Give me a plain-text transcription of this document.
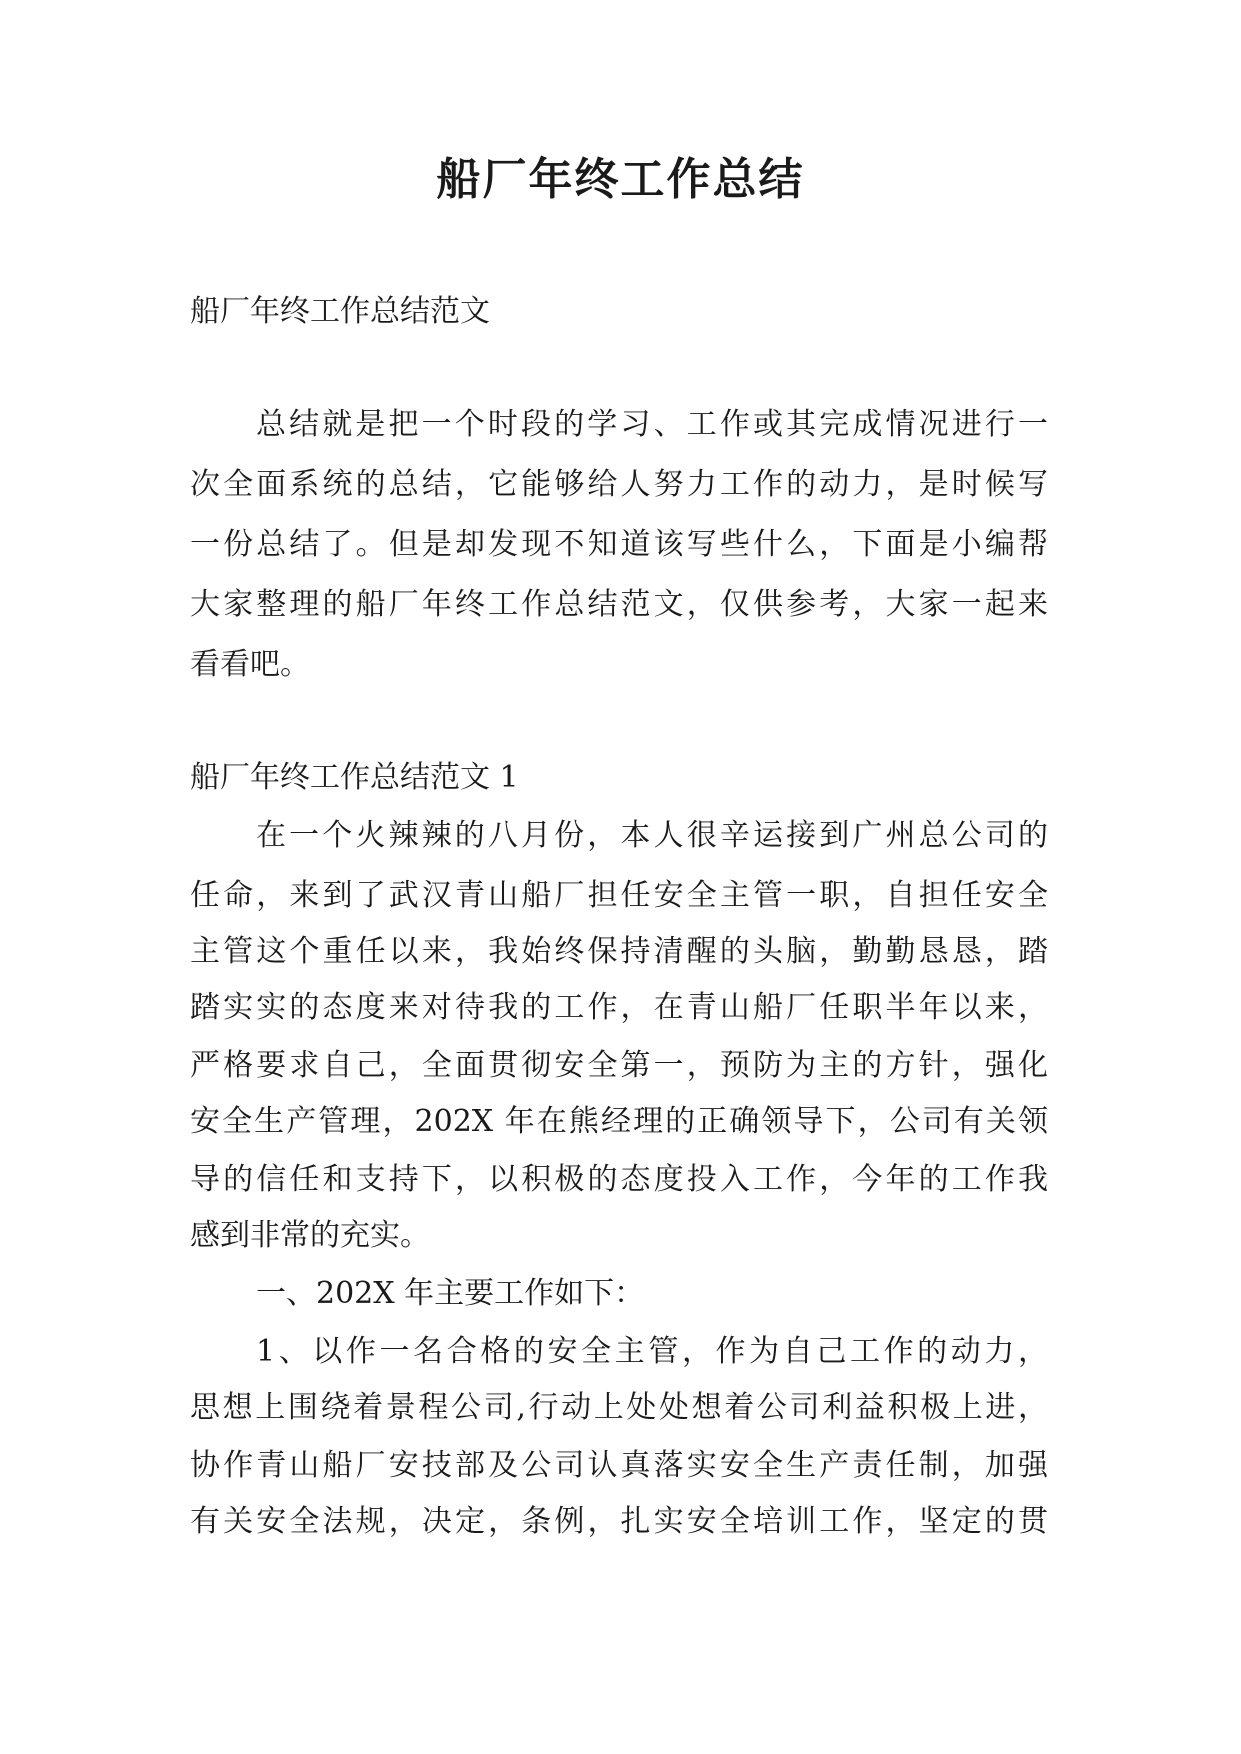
船厂年终工作总结

船厂年终工作总结范文

总结就是把一个时段的学习、工作或其完成情况进行一

次全面系统的总结，它能够给人努力工作的动力，是时候写

一份总结了。但是却发现不知道该写些什么，下面是小编帮

大家整理的船厂年终工作总结范文，仅供参考，大家一起来

看看吧。

船厂年终工作总结范文 1

在一个火辣辣的八月份，本人很辛运接到广州总公司的

任命，来到了武汉青山船厂担任安全主管一职，自担任安全

主管这个重任以来，我始终保持清醒的头脑，勤勤恳恳，踏

踏实实的态度来对待我的工作，在青山船厂任职半年以来，

严格要求自己，全面贯彻安全第一，预防为主的方针，强化

安全生产管理，202X 年在熊经理的正确领导下，公司有关领

导的信任和支持下，以积极的态度投入工作，今年的工作我

感到非常的充实。

一、202X 年主要工作如下：

1、以作一名合格的安全主管，作为自己工作的动力，

思想上围绕着景程公司,行动上处处想着公司利益积极上进，

协作青山船厂安技部及公司认真落实安全生产责任制，加强

有关安全法规，决定，条例，扎实安全培训工作，坚定的贯
